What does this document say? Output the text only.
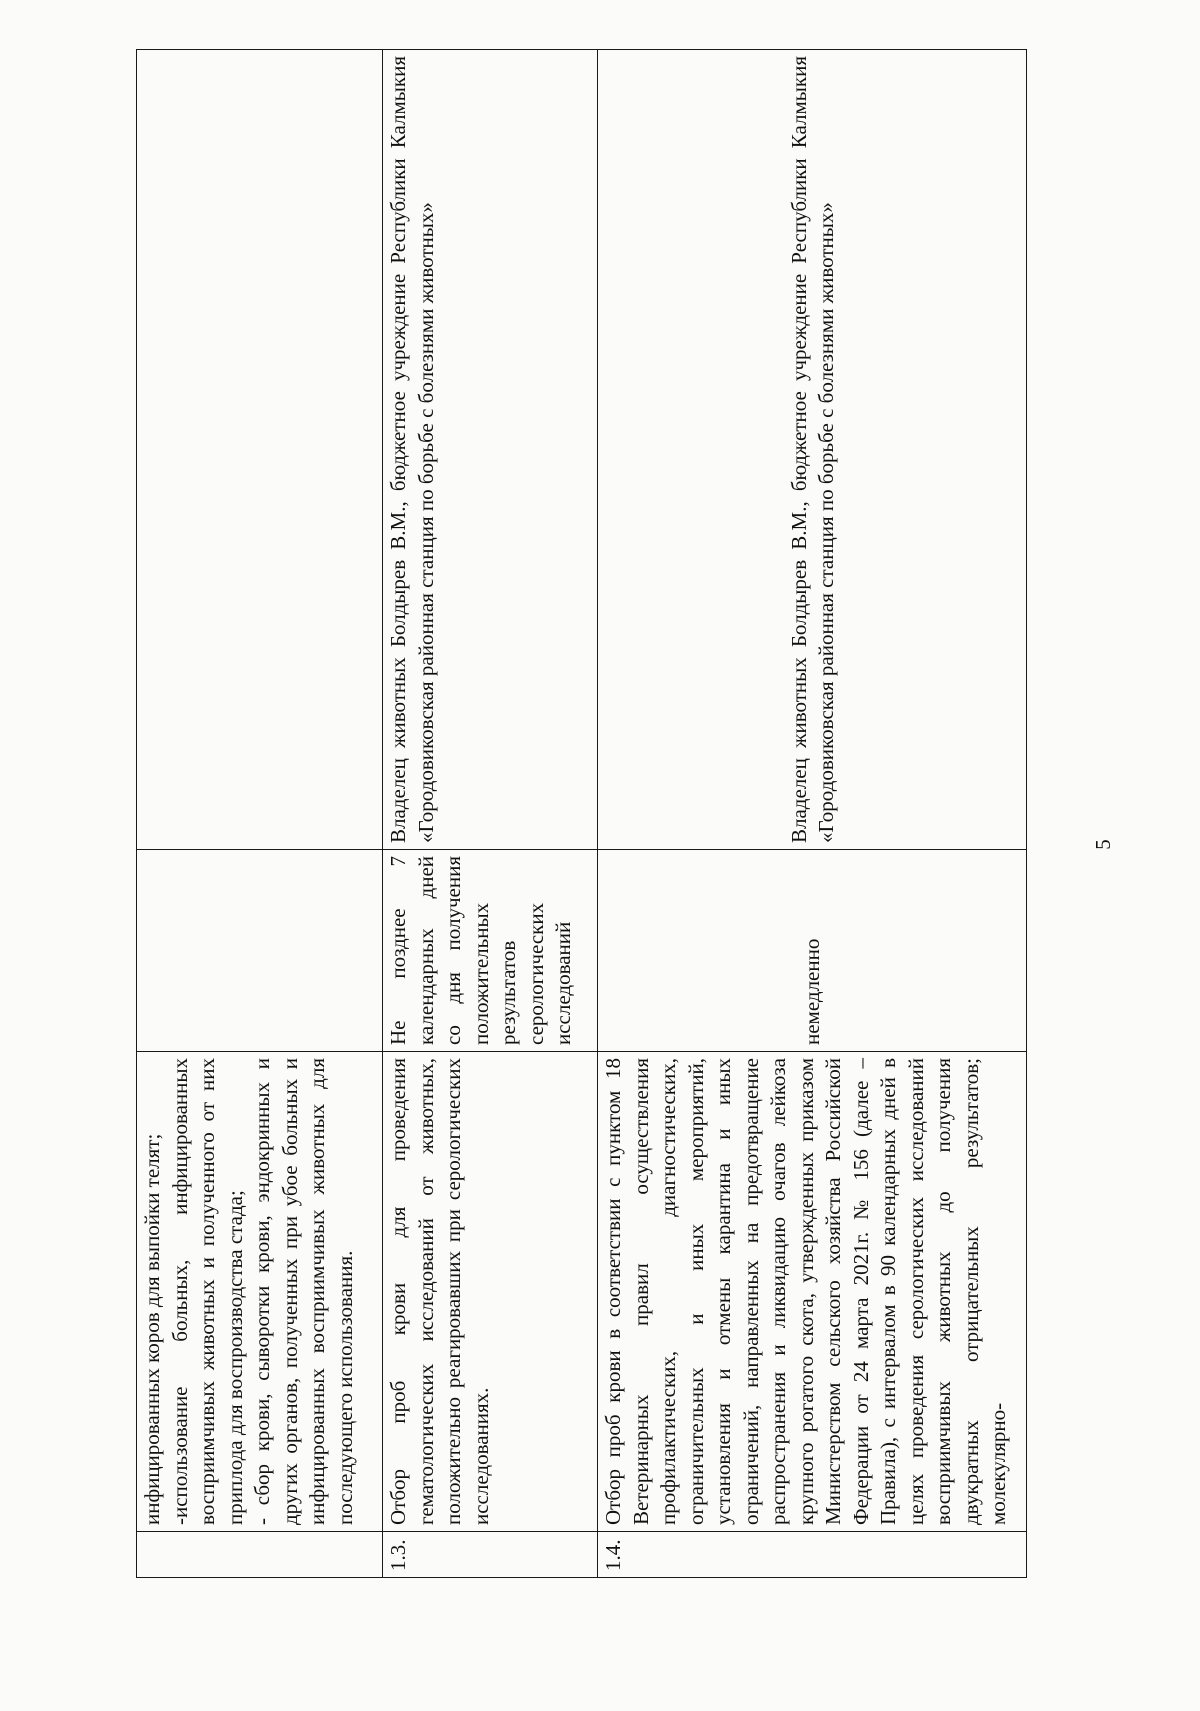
	инфицированных коров для выпойки телят; -использование больных, инфицированных восприимчивых животных и полученного от них приплода для воспроизводства стада; - сбор крови, сыворотки крови, эндокринных и других органов, полученных при убое больных и инфицированных восприимчивых животных для последующего использования.		

1.3.	Отбор проб крови для проведения гематологических исследований от животных, положительно реагировавших при серологических исследованиях.	Не позднее 7 календарных дней со дня получения положительных результатов серологических исследований	Владелец животных Болдырев В.М., бюджетное учреждение Республики Калмыкия «Городовиковская районная станция по борьбе с болезнями животных»
1.4.	Отбор проб крови в соответствии с пунктом 18 Ветеринарных правил осуществления профилактических, диагностических, ограничительных и иных мероприятий, установления и отмены карантина и иных ограничений, направленных на предотвращение распространения и ликвидацию очагов лейкоза крупного рогатого скота, утвержденных приказом Министерством сельского хозяйства Российской Федерации от 24 марта 2021г. № 156 (далее – Правила), с интервалом в 90 календарных дней в целях проведения серологических исследований восприимчивых животных до получения двукратных отрицательных результатов; молекулярно-	немедленно	Владелец животных Болдырев В.М., бюджетное учреждение Республики Калмыкия «Городовиковская районная станция по борьбе с болезнями животных»
5
